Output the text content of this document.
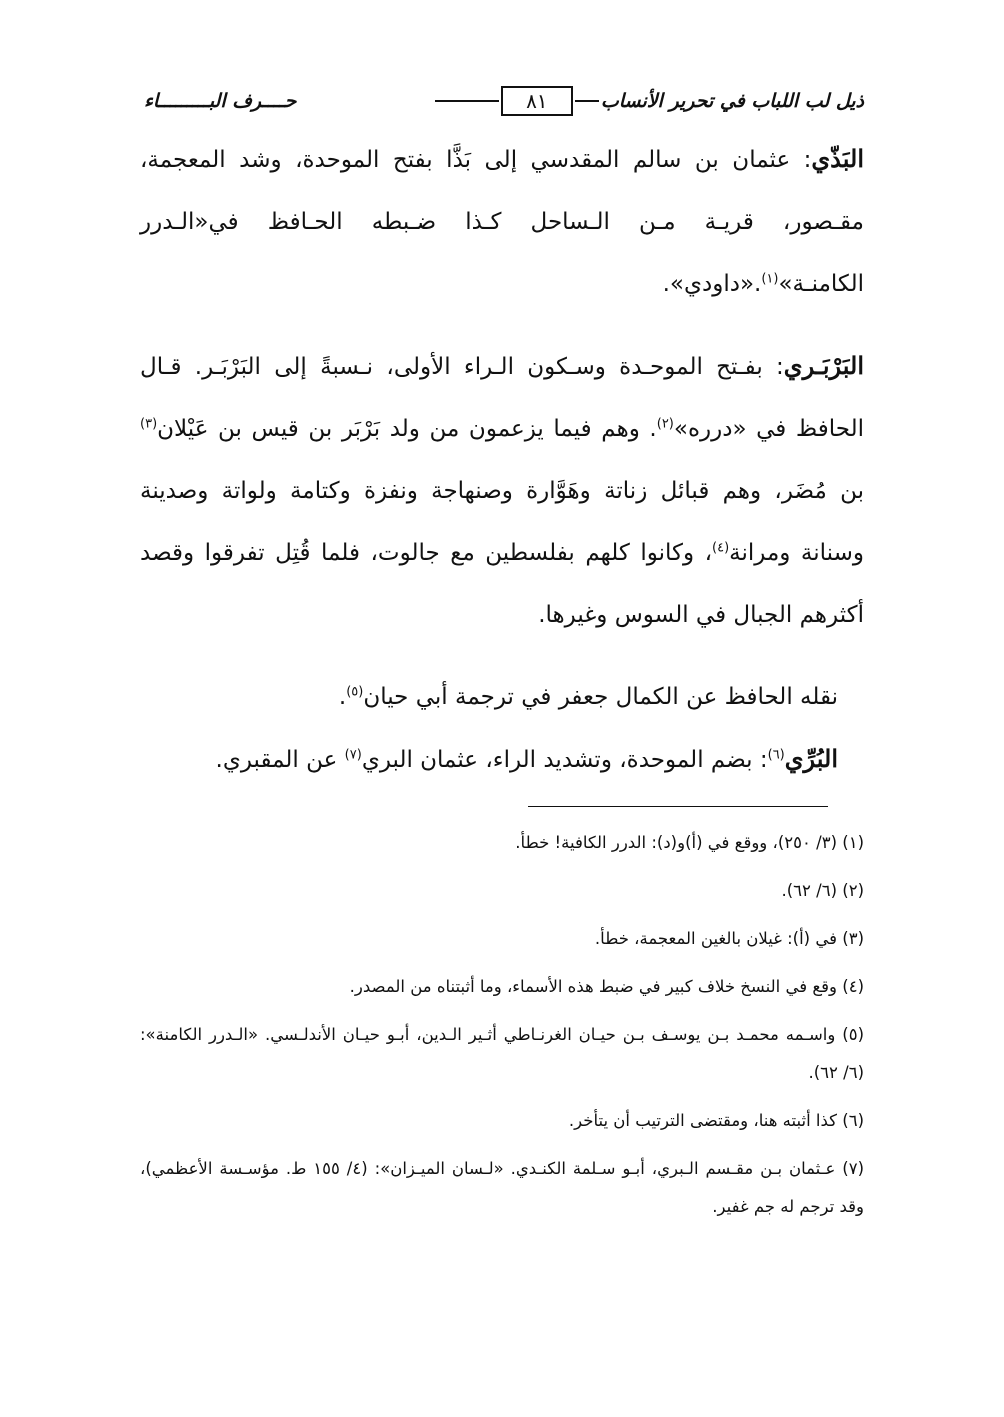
ذيل لب اللباب في تحرير الأنساب
٨١
حــــرف البـــــــــاء

البَذّي: عثمان بن سالم المقدسي إلى بَذَّا بفتح الموحدة، وشد المعجمة، مقـصور، قريـة مـن الـساحل كـذا ضـبطه الحـافظ في«الـدرر الكامنـة»$^{(١)}$.«داودي».

البَرْبَـري: بفـتح الموحـدة وسـكون الـراء الأولى، نـسبةً إلى البَرْبَـر. قـال الحافظ في «درره»$^{(٢)}$. وهم فيما يزعمون من ولد بَرْبَر بن قيس بن عَيْلان$^{(٣)}$ بن مُضَر، وهم قبائل زناتة وهَوَّارة وصنهاجة ونفزة وكتامة ولواتة وصدينة وسنانة ومرانة$^{(٤)}$، وكانوا كلهم بفلسطين مع جالوت، فلما قُتِل تفرقوا وقصد أكثرهم الجبال في السوس وغيرها.

نقله الحافظ عن الكمال جعفر في ترجمة أبي حيان$^{(٥)}$.

البُرِّي$^{(٦)}$: بضم الموحدة، وتشديد الراء، عثمان البري$^{(٧)}$ عن المقبري.

(١) (٣/ ٢٥٠)، ووقع في (أ)و(د): الدرر الكافية! خطأ.

(٢) (٦/ ٦٢).

(٣) في (أ): غيلان بالغين المعجمة، خطأ.

(٤) وقع في النسخ خلاف كبير في ضبط هذه الأسماء، وما أثبتناه من المصدر.

(٥) واسـمه محمـد بـن يوسـف بـن حيـان الغرنـاطي أثـير الـدين، أبـو حيـان الأندلـسي. «الـدرر الكامنة»: (٦/ ٦٢).

(٦) كذا أثبته هنا، ومقتضى الترتيب أن يتأخر.

(٧) عـثمان بـن مقـسم الـبري، أبـو سـلمة الكنـدي. «لـسان الميـزان»: (٤/ ١٥٥ ط. مؤسـسة الأعظمي)، وقد ترجم له جم غفير.
